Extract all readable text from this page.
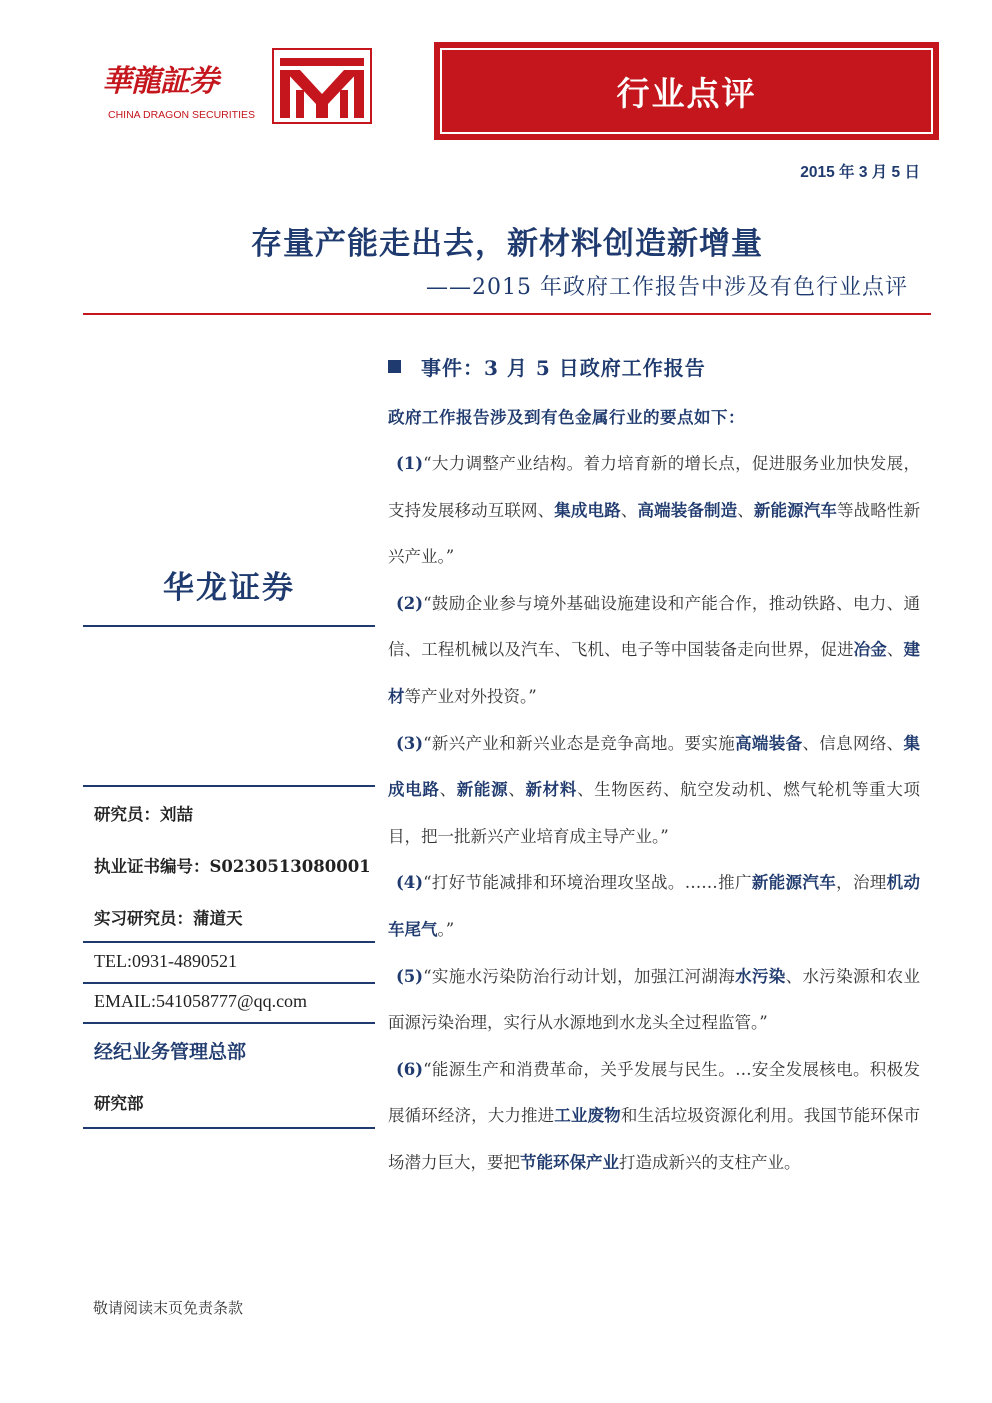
華龍証券
CHINA DRAGON SECURITIES
行业点评
2015 年 3 月 5 日
存量产能走出去，新材料创造新增量
——2015 年政府工作报告中涉及有色行业点评
华龙证券
研究员：刘喆
执业证书编号：S0230513080001
实习研究员：蒲道天
TEL:0931-4890521
EMAIL:541058777@qq.com
经纪业务管理总部
研究部
事件：3 月 5 日政府工作报告
政府工作报告涉及到有色金属行业的要点如下：

(1)“大力调整产业结构。着力培育新的增长点，促进服务业加快发展，支持发展移动互联网、集成电路、高端装备制造、新能源汽车等战略性新兴产业。”

(2)“鼓励企业参与境外基础设施建设和产能合作，推动铁路、电力、通信、工程机械以及汽车、飞机、电子等中国装备走向世界，促进冶金、建材等产业对外投资。”

(3)“新兴产业和新兴业态是竞争高地。要实施高端装备、信息网络、集成电路、新能源、新材料、生物医药、航空发动机、燃气轮机等重大项目，把一批新兴产业培育成主导产业。”

(4)“打好节能减排和环境治理攻坚战。……推广新能源汽车，治理机动车尾气。”

(5)“实施水污染防治行动计划，加强江河湖海水污染、水污染源和农业面源污染治理，实行从水源地到水龙头全过程监管。”

(6)“能源生产和消费革命，关乎发展与民生。…安全发展核电。积极发展循环经济，大力推进工业废物和生活垃圾资源化利用。我国节能环保市场潜力巨大，要把节能环保产业打造成新兴的支柱产业。

敬请阅读末页免责条款
